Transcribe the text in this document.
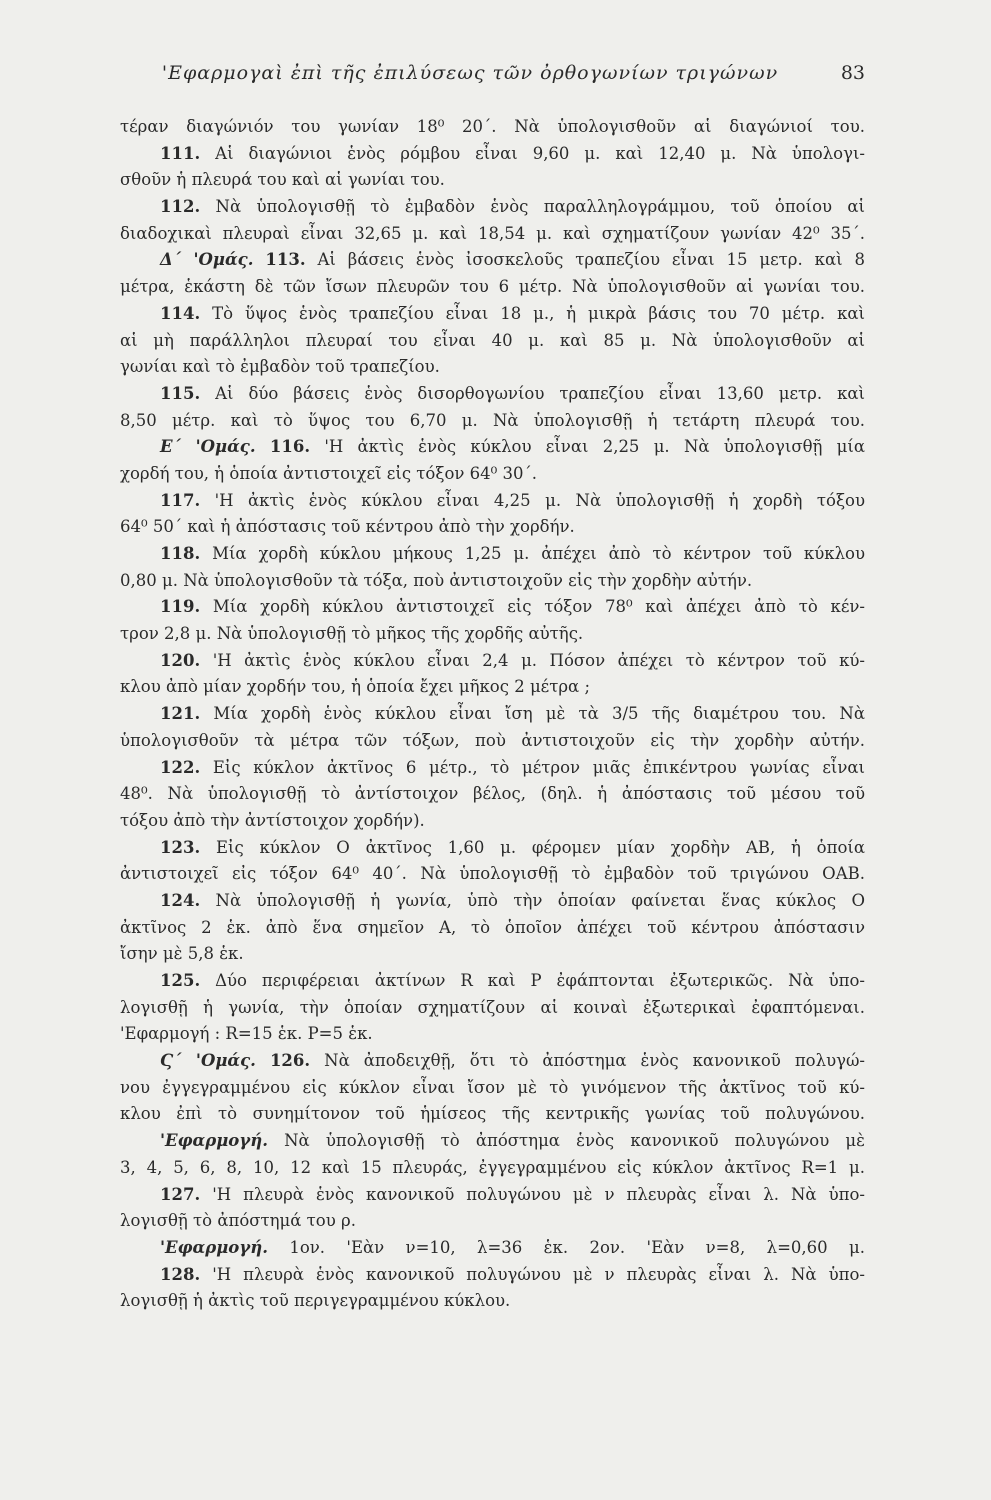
'Εφαρμογαὶ ἐπὶ τῆς ἐπιλύσεως τῶν ὀρθογωνίων τριγώνων	83
τέραν διαγώνιόν του γωνίαν 18⁰ 20΄. Νὰ ὑπολογισθοῦν αἱ διαγώνιοί του.
111. Αἱ διαγώνιοι ἑνὸς ρόμβου εἶναι 9,60 μ. καὶ 12,40 μ. Νὰ ὑπολογι-
σθοῦν ἡ πλευρά του καὶ αἱ γωνίαι του.
112. Νὰ ὑπολογισθῇ τὸ ἐμβαδὸν ἑνὸς παραλληλογράμμου, τοῦ ὁποίου αἱ
διαδοχικαὶ πλευραὶ εἶναι 32,65 μ. καὶ 18,54 μ. καὶ σχηματίζουν γωνίαν 42⁰ 35΄.
Δ΄ 'Ομάς. 113. Αἱ βάσεις ἑνὸς ἰσοσκελοῦς τραπεζίου εἶναι 15 μετρ. καὶ 8
μέτρα, ἑκάστη δὲ τῶν ἴσων πλευρῶν του 6 μέτρ. Νὰ ὑπολογισθοῦν αἱ γωνίαι του.
114. Τὸ ὕψος ἑνὸς τραπεζίου εἶναι 18 μ., ἡ μικρὰ βάσις του 70 μέτρ. καὶ
αἱ μὴ παράλληλοι πλευραί του εἶναι 40 μ. καὶ 85 μ. Νὰ ὑπολογισθοῦν αἱ
γωνίαι καὶ τὸ ἐμβαδὸν τοῦ τραπεζίου.
115. Αἱ δύο βάσεις ἑνὸς δισορθογωνίου τραπεζίου εἶναι 13,60 μετρ. καὶ
8,50 μέτρ. καὶ τὸ ὕψος του 6,70 μ. Νὰ ὑπολογισθῇ ἡ τετάρτη πλευρά του.
Ε΄ 'Ομάς. 116. 'Η ἀκτὶς ἑνὸς κύκλου εἶναι 2,25 μ. Νὰ ὑπολογισθῇ μία
χορδή του, ἡ ὁποία ἀντιστοιχεῖ εἰς τόξον 64⁰ 30΄.
117. 'Η ἀκτὶς ἑνὸς κύκλου εἶναι 4,25 μ. Νὰ ὑπολογισθῇ ἡ χορδὴ τόξου
64⁰ 50΄ καὶ ἡ ἀπόστασις τοῦ κέντρου ἀπὸ τὴν χορδήν.
118. Μία χορδὴ κύκλου μήκους 1,25 μ. ἀπέχει ἀπὸ τὸ κέντρον τοῦ κύκλου
0,80 μ. Νὰ ὑπολογισθοῦν τὰ τόξα, ποὺ ἀντιστοιχοῦν εἰς τὴν χορδὴν αὐτήν.
119. Μία χορδὴ κύκλου ἀντιστοιχεῖ εἰς τόξον 78⁰ καὶ ἀπέχει ἀπὸ τὸ κέν-
τρον 2,8 μ. Νὰ ὑπολογισθῇ τὸ μῆκος τῆς χορδῆς αὐτῆς.
120. 'Η ἀκτὶς ἑνὸς κύκλου εἶναι 2,4 μ. Πόσον ἀπέχει τὸ κέντρον τοῦ κύ-
κλου ἀπὸ μίαν χορδήν του, ἡ ὁποία ἔχει μῆκος 2 μέτρα ;
121. Μία χορδὴ ἑνὸς κύκλου εἶναι ἴση μὲ τὰ 3/5 τῆς διαμέτρου του. Νὰ
ὑπολογισθοῦν τὰ μέτρα τῶν τόξων, ποὺ ἀντιστοιχοῦν εἰς τὴν χορδὴν αὐτήν.
122. Εἰς κύκλον ἀκτῖνος 6 μέτρ., τὸ μέτρον μιᾶς ἐπικέντρου γωνίας εἶναι
48⁰. Νὰ ὑπολογισθῇ τὸ ἀντίστοιχον βέλος, (δηλ. ἡ ἀπόστασις τοῦ μέσου τοῦ
τόξου ἀπὸ τὴν ἀντίστοιχον χορδήν).
123. Εἰς κύκλον Ο ἀκτῖνος 1,60 μ. φέρομεν μίαν χορδὴν ΑΒ, ἡ ὁποία
ἀντιστοιχεῖ εἰς τόξον 64⁰ 40΄. Νὰ ὑπολογισθῇ τὸ ἐμβαδὸν τοῦ τριγώνου ΟΑΒ.
124. Νὰ ὑπολογισθῇ ἡ γωνία, ὑπὸ τὴν ὁποίαν φαίνεται ἕνας κύκλος Ο
ἀκτῖνος 2 ἑκ. ἀπὸ ἕνα σημεῖον Α, τὸ ὁποῖον ἀπέχει τοῦ κέντρου ἀπόστασιν
ἴσην μὲ 5,8 ἑκ.
125. Δύο περιφέρειαι ἀκτίνων R καὶ P ἐφάπτονται ἐξωτερικῶς. Νὰ ὑπο-
λογισθῇ ἡ γωνία, τὴν ὁποίαν σχηματίζουν αἱ κοιναὶ ἐξωτερικαὶ ἐφαπτόμεναι.
'Εφαρμογή : R=15 ἑκ. P=5 ἑκ.
Ϛ΄ 'Ομάς. 126. Νὰ ἀποδειχθῇ, ὅτι τὸ ἀπόστημα ἑνὸς κανονικοῦ πολυγώ-
νου ἐγγεγραμμένου εἰς κύκλον εἶναι ἴσον μὲ τὸ γινόμενον τῆς ἀκτῖνος τοῦ κύ-
κλου ἐπὶ τὸ συνημίτονον τοῦ ἡμίσεος τῆς κεντρικῆς γωνίας τοῦ πολυγώνου.
'Εφαρμογή. Νὰ ὑπολογισθῇ τὸ ἀπόστημα ἑνὸς κανονικοῦ πολυγώνου μὲ
3, 4, 5, 6, 8, 10, 12 καὶ 15 πλευράς, ἐγγεγραμμένου εἰς κύκλον ἀκτῖνος R=1 μ.
127. 'Η πλευρὰ ἑνὸς κανονικοῦ πολυγώνου μὲ ν πλευρὰς εἶναι λ. Νὰ ὑπο-
λογισθῇ τὸ ἀπόστημά του ρ.
'Εφαρμογή. 1ον. 'Εὰν ν=10, λ=36 ἑκ. 2ον. 'Εὰν ν=8, λ=0,60 μ.
128. 'Η πλευρὰ ἑνὸς κανονικοῦ πολυγώνου μὲ ν πλευρὰς εἶναι λ. Νὰ ὑπο-
λογισθῇ ἡ ἀκτὶς τοῦ περιγεγραμμένου κύκλου.
